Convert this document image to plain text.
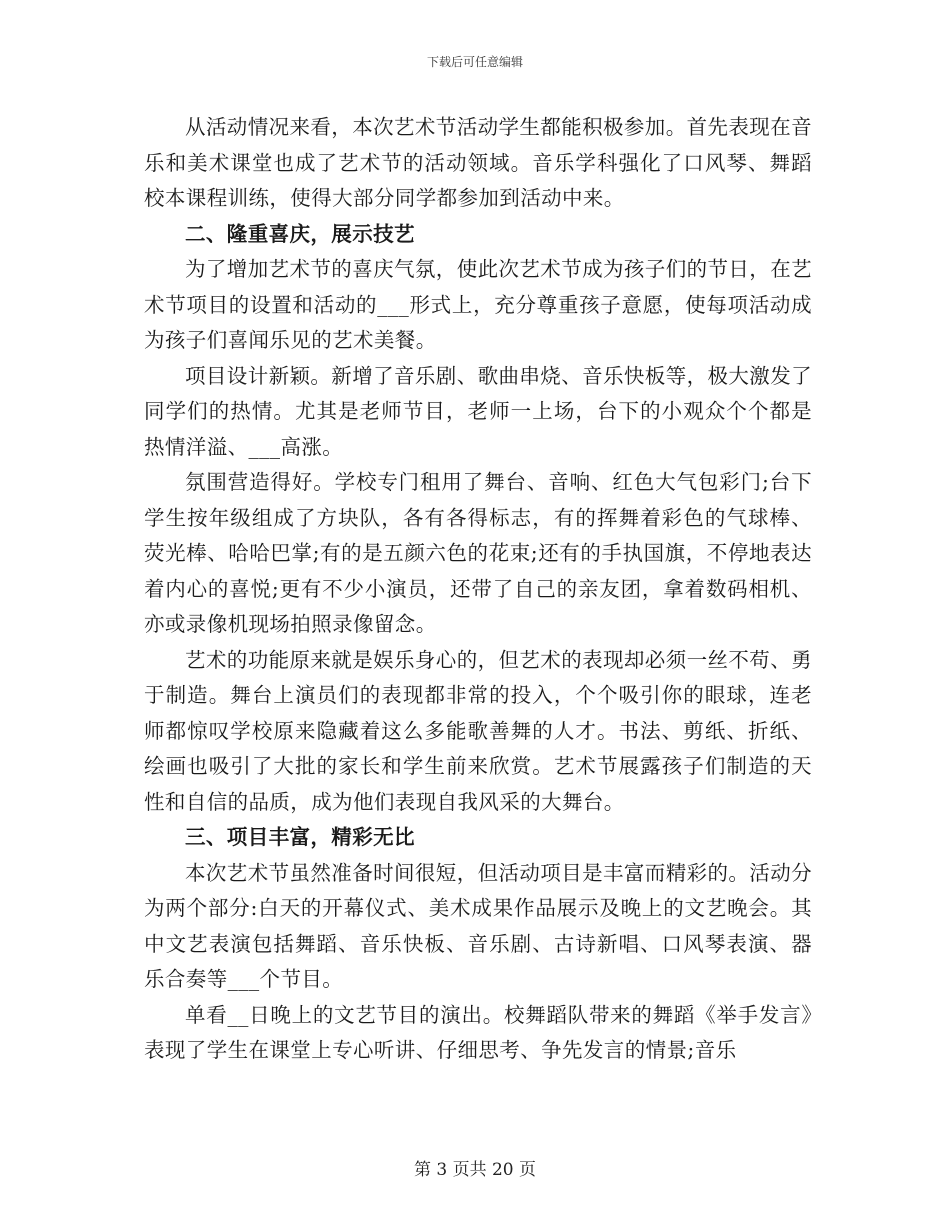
下载后可任意编辑

从活动情况来看，本次艺术节活动学生都能积极参加。首先表现在音乐和美术课堂也成了艺术节的活动领域。音乐学科强化了口风琴、舞蹈校本课程训练，使得大部分同学都参加到活动中来。

二、隆重喜庆，展示技艺

为了增加艺术节的喜庆气氛，使此次艺术节成为孩子们的节日，在艺术节项目的设置和活动的___形式上，充分尊重孩子意愿，使每项活动成为孩子们喜闻乐见的艺术美餐。

项目设计新颖。新增了音乐剧、歌曲串烧、音乐快板等，极大激发了同学们的热情。尤其是老师节目，老师一上场，台下的小观众个个都是热情洋溢、___高涨。

氛围营造得好。学校专门租用了舞台、音响、红色大气包彩门;台下学生按年级组成了方块队，各有各得标志，有的挥舞着彩色的气球棒、荧光棒、哈哈巴掌;有的是五颜六色的花束;还有的手执国旗，不停地表达着内心的喜悦;更有不少小演员，还带了自己的亲友团，拿着数码相机、亦或录像机现场拍照录像留念。

艺术的功能原来就是娱乐身心的，但艺术的表现却必须一丝不苟、勇于制造。舞台上演员们的表现都非常的投入，个个吸引你的眼球，连老师都惊叹学校原来隐藏着这么多能歌善舞的人才。书法、剪纸、折纸、绘画也吸引了大批的家长和学生前来欣赏。艺术节展露孩子们制造的天性和自信的品质，成为他们表现自我风采的大舞台。

三、项目丰富，精彩无比

本次艺术节虽然准备时间很短，但活动项目是丰富而精彩的。活动分为两个部分:白天的开幕仪式、美术成果作品展示及晚上的文艺晚会。其中文艺表演包括舞蹈、音乐快板、音乐剧、古诗新唱、口风琴表演、器乐合奏等___个节目。

单看__日晚上的文艺节目的演出。校舞蹈队带来的舞蹈《举手发言》表现了学生在课堂上专心听讲、仔细思考、争先发言的情景;音乐

第 3 页共 20 页
